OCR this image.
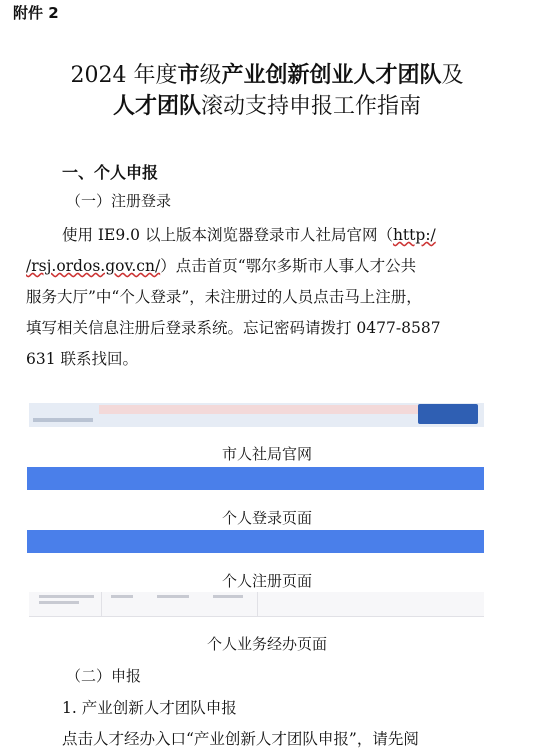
附件 2
2024 年度市级产业创新创业人才团队及
人才团队滚动支持申报工作指南
一、个人申报
（一）注册登录
使用 IE9.0 以上版本浏览器登录市人社局官网（http:/
/rsj.ordos.gov.cn/）点击首页“鄂尔多斯市人事人才公共
服务大厅”中“个人登录”，未注册过的人员点击马上注册，
填写相关信息注册后登录系统。忘记密码请拨打 0477-8587
631 联系找回。
市人社局官网
个人登录页面
个人注册页面
个人业务经办页面
（二）申报
1. 产业创新人才团队申报
点击人才经办入口“产业创新人才团队申报”，请先阅
